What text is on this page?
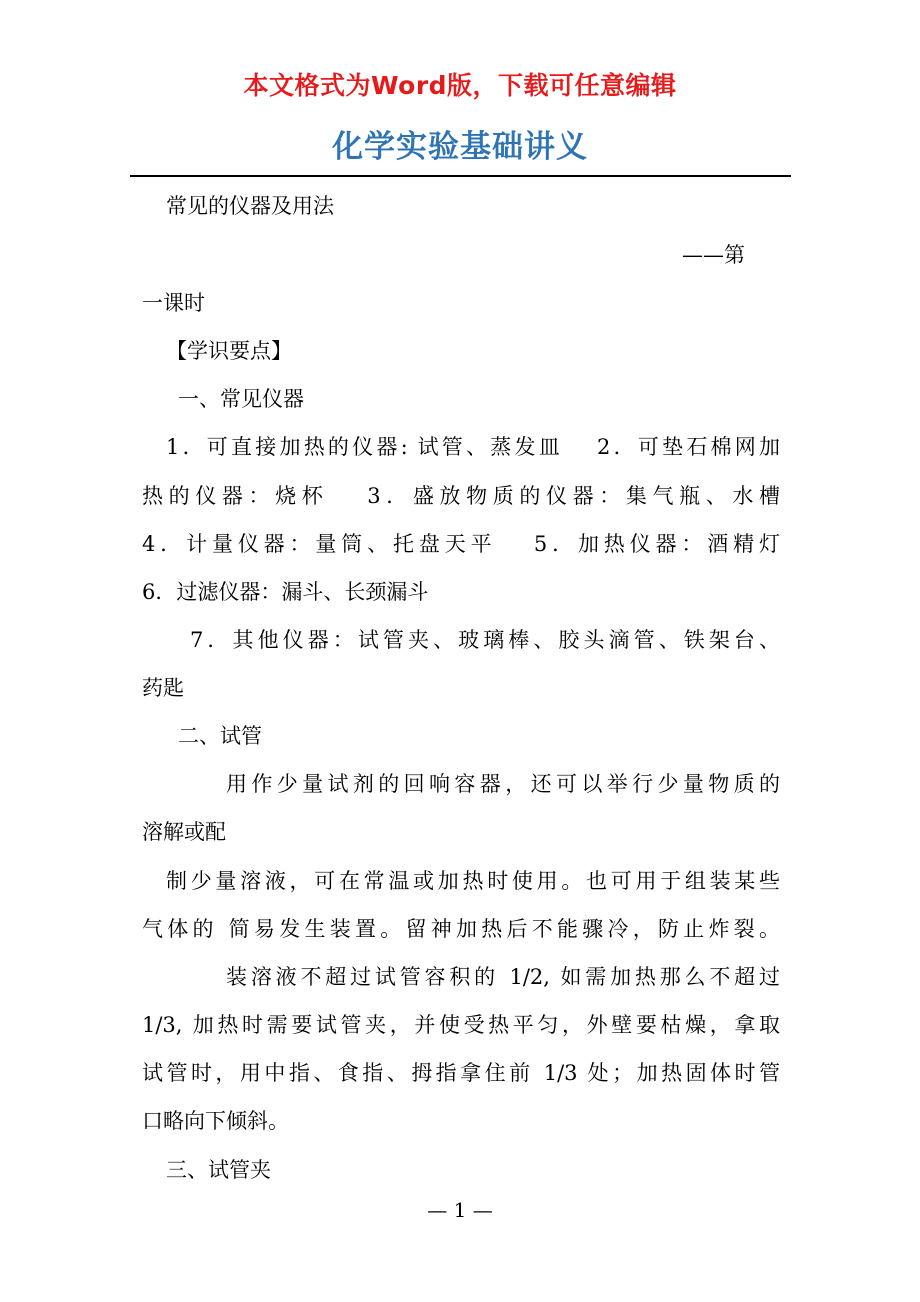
本文格式为Word版，下载可任意编辑
化学实验基础讲义
常见的仪器及用法
——第
一课时
【学识要点】
一、常见仪器
1．可直接加热的仪器: 试管、蒸发皿　 2．可垫石棉网加
热的仪器：烧杯　 3．盛放物质的仪器：集气瓶、水槽
4．计量仪器：量筒、托盘天平　 5．加热仪器：酒精灯
6．过滤仪器：漏斗、长颈漏斗
7．其他仪器：试管夹、玻璃棒、胶头滴管、铁架台、
药匙
二、试管
用作少量试剂的回响容器，还可以举行少量物质的
溶解或配
制少量溶液，可在常温或加热时使用。也可用于组装某些
气体的 简易发生装置。留神加热后不能骤冷，防止炸裂。
装溶液不超过试管容积的 1/2, 如需加热那么不超过
1/3, 加热时需要试管夹，并使受热平匀，外壁要枯燥，拿取
试管时，用中指、食指、拇指拿住前 1/3 处；加热固体时管
口略向下倾斜。
三、试管夹
— 1 —
